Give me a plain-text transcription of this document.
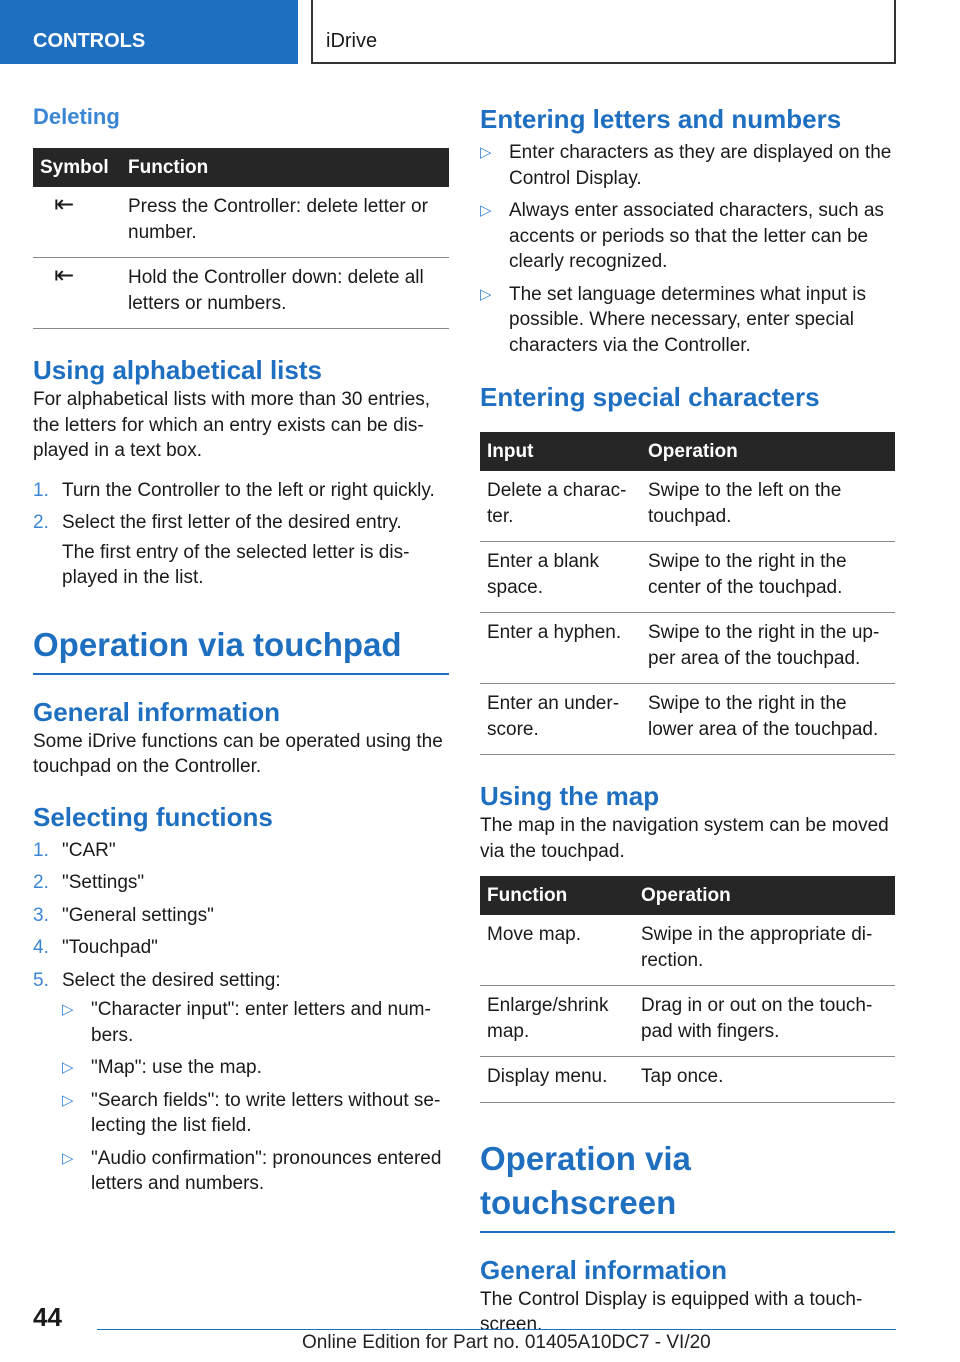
CONTROLS	iDrive
Deleting
Symbol	Function
⇤	Press the Controller: delete letter or number.
⇤	Hold the Controller down: delete all letters or numbers.
Using alphabetical lists

For alphabetical lists with more than 30 entries, the letters for which an entry exists can be dis- played in a text box.

1. Turn the Controller to the left or right quickly.
2. Select the first letter of the desired entry.

The first entry of the selected letter is dis- played in the list.

Operation via touchpad
General information

Some iDrive functions can be operated using the touchpad on the Controller.

Selecting functions
1. "CAR"
2. "Settings"
3. "General settings"
4. "Touchpad"
5. Select the desired setting:
▷ "Character input": enter letters and num- bers.
▷ "Map": use the map.
▷ "Search fields": to write letters without se- lecting the list field.
▷ "Audio confirmation": pronounces entered letters and numbers.
Entering letters and numbers
▷ Enter characters as they are displayed on the Control Display.
▷ Always enter associated characters, such as accents or periods so that the letter can be clearly recognized.
▷ The set language determines what input is possible. Where necessary, enter special characters via the Controller.
Entering special characters
Input	Operation
Delete a charac- ter.	Swipe to the left on the touchpad.
Enter a blank space.	Swipe to the right in the center of the touchpad.
Enter a hyphen.	Swipe to the right in the up- per area of the touchpad.
Enter an under- score.	Swipe to the right in the lower area of the touchpad.
Using the map

The map in the navigation system can be moved via the touchpad.

Function	Operation
Move map.	Swipe in the appropriate di- rection.
Enlarge/shrink map.	Drag in or out on the touch- pad with fingers.
Display menu.	Tap once.
Operation via touchscreen
General information

The Control Display is equipped with a touch- screen.

44
Online Edition for Part no. 01405A10DC7 - VI/20
